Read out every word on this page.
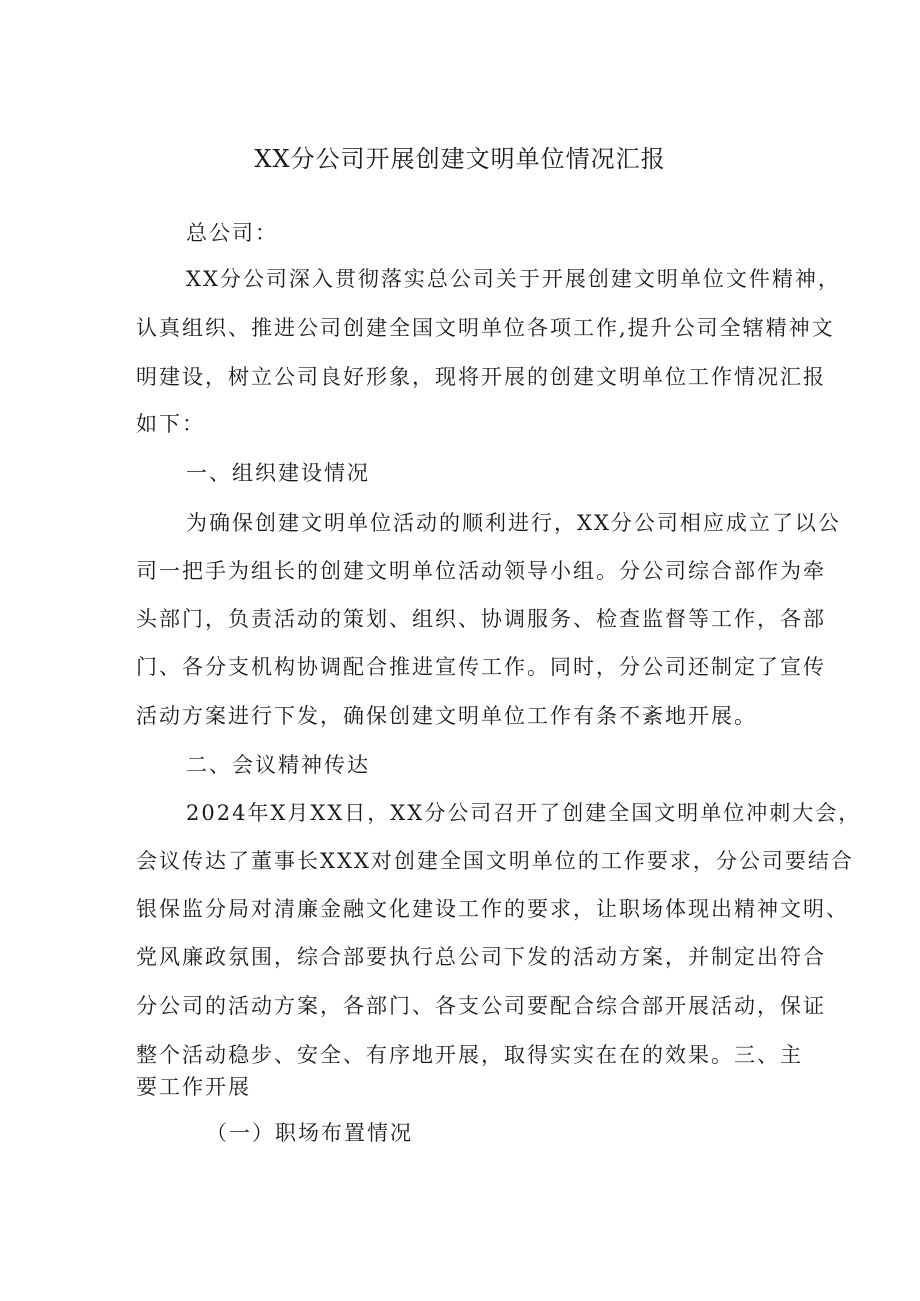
XX分公司开展创建文明单位情况汇报
总公司：
XX分公司深入贯彻落实总公司关于开展创建文明单位文件精神，
认真组织、推进公司创建全国文明单位各项工作,提升公司全辖精神文
明建设，树立公司良好形象，现将开展的创建文明单位工作情况汇报
如下：
一、组织建设情况
为确保创建文明单位活动的顺利进行，XX分公司相应成立了以公
司一把手为组长的创建文明单位活动领导小组。分公司综合部作为牵
头部门，负责活动的策划、组织、协调服务、检查监督等工作，各部
门、各分支机构协调配合推进宣传工作。同时，分公司还制定了宣传
活动方案进行下发，确保创建文明单位工作有条不紊地开展。
二、会议精神传达
2024年X月XX日，XX分公司召开了创建全国文明单位冲刺大会，
会议传达了董事长XXX对创建全国文明单位的工作要求，分公司要结合
银保监分局对清廉金融文化建设工作的要求，让职场体现出精神文明、
党风廉政氛围，综合部要执行总公司下发的活动方案，并制定出符合
分公司的活动方案，各部门、各支公司要配合综合部开展活动，保证
整个活动稳步、安全、有序地开展，取得实实在在的效果。三、主
要工作开展
（一）职场布置情况
